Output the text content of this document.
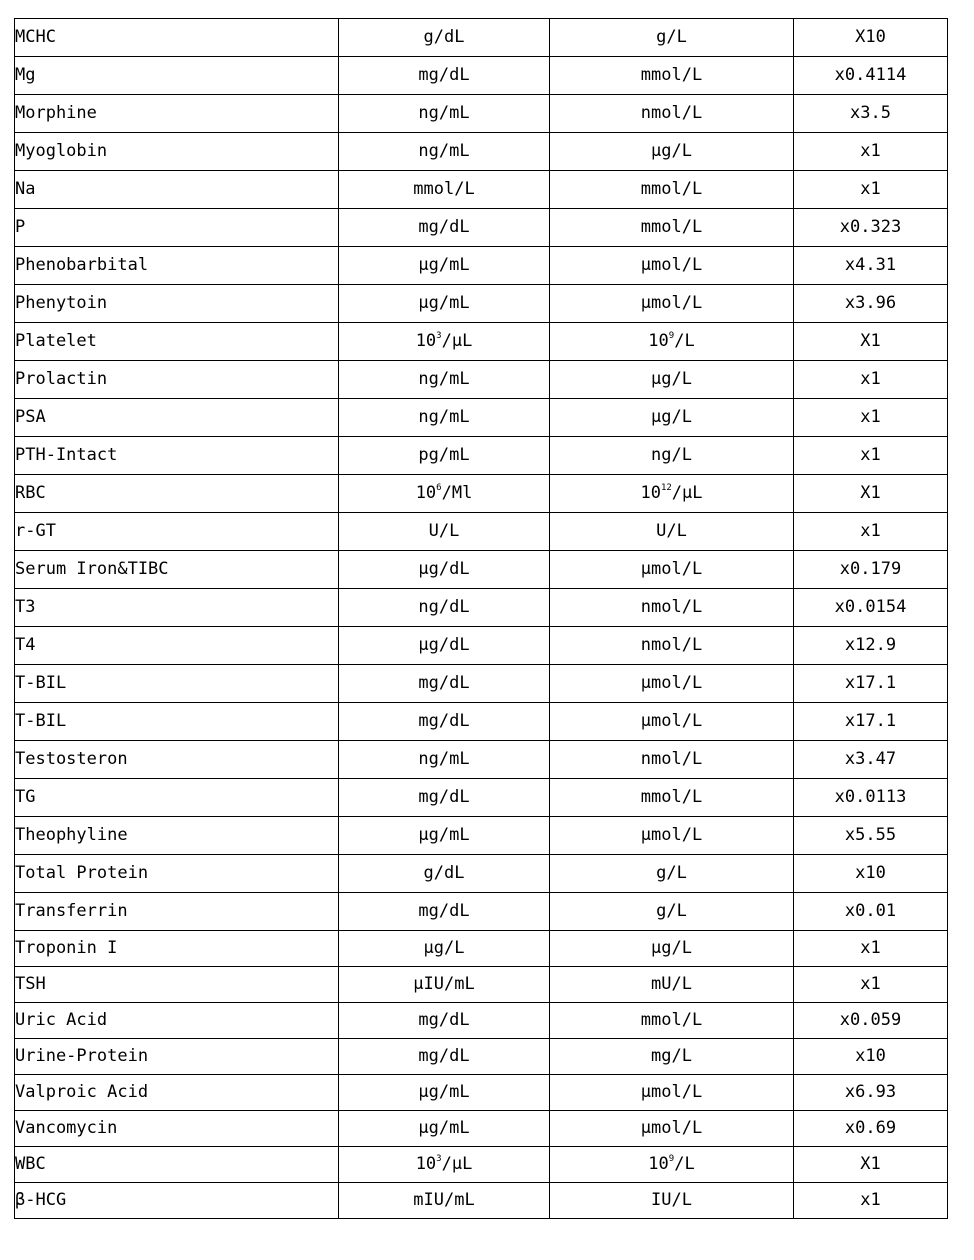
MCHC	g/dL	g/L	X10
Mg	mg/dL	mmol/L	x0.4114
Morphine	ng/mL	nmol/L	x3.5
Myoglobin	ng/mL	μg/L	x1
Na	mmol/L	mmol/L	x1
P	mg/dL	mmol/L	x0.323
Phenobarbital	μg/mL	μmol/L	x4.31
Phenytoin	μg/mL	μmol/L	x3.96
Platelet	$10^3/\mu L$	$10^9/L$	X1
Prolactin	ng/mL	μg/L	x1
PSA	ng/mL	μg/L	x1
PTH-Intact	pg/mL	ng/L	x1
RBC	$10^6/Ml$	$10^{12}/\mu L$	X1
r-GT	U/L	U/L	x1
Serum Iron&TIBC	μg/dL	μmol/L	x0.179
T3	ng/dL	nmol/L	x0.0154
T4	μg/dL	nmol/L	x12.9
T-BIL	mg/dL	μmol/L	x17.1
T-BIL	mg/dL	μmol/L	x17.1
Testosteron	ng/mL	nmol/L	x3.47
TG	mg/dL	mmol/L	x0.0113
Theophyline	μg/mL	μmol/L	x5.55
Total Protein	g/dL	g/L	x10
Transferrin	mg/dL	g/L	x0.01
Troponin I	μg/L	μg/L	x1
TSH	μIU/mL	mU/L	x1
Uric Acid	mg/dL	mmol/L	x0.059
Urine-Protein	mg/dL	mg/L	x10
Valproic Acid	μg/mL	μmol/L	x6.93
Vancomycin	μg/mL	μmol/L	x0.69
WBC	$10^3/\mu L$	$10^9/L$	X1
β-HCG	mIU/mL	IU/L	x1
